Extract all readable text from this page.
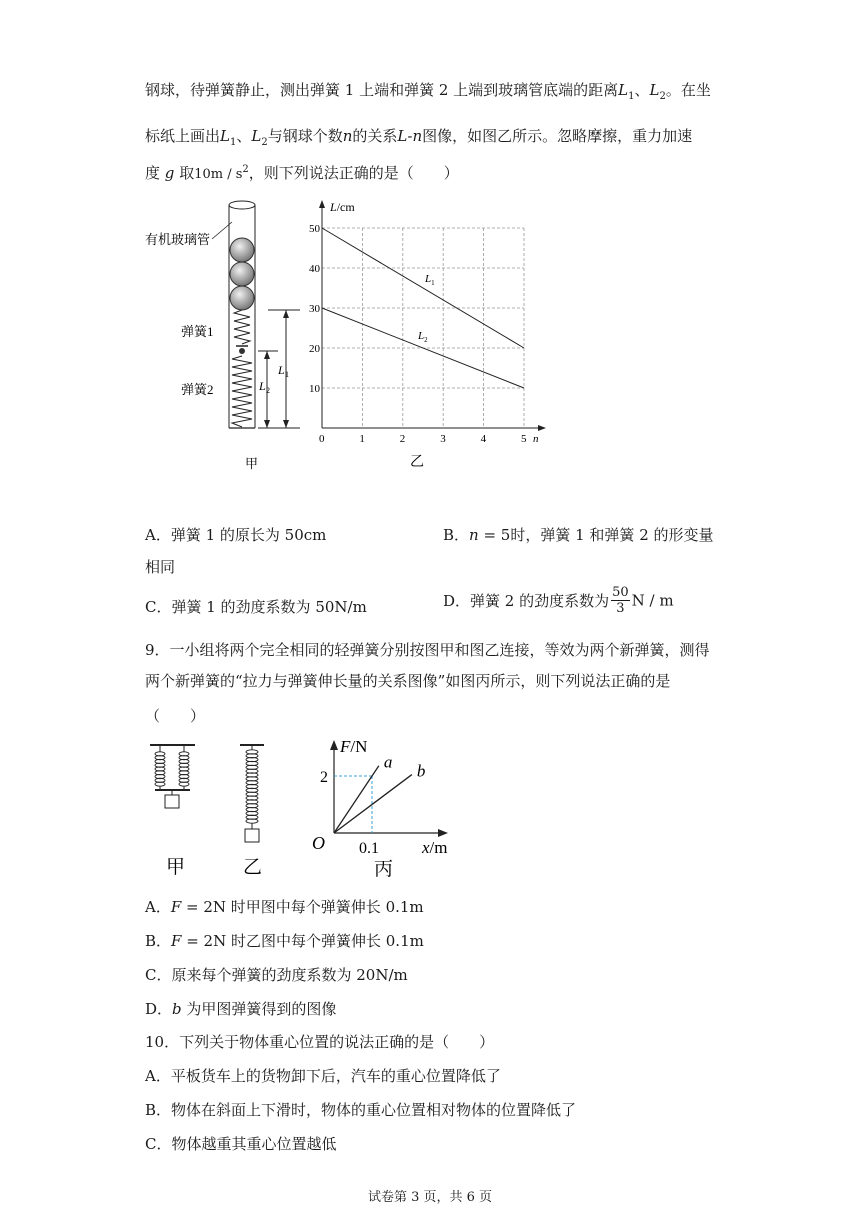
钢球，待弹簧静止，测出弹簧 1 上端和弹簧 2 上端到玻璃管底端的距离$L_1$、$L_2$。在坐
标纸上画出$L_1$、$L_2$与钢球个数n的关系L-n图像，如图乙所示。忽略摩擦，重力加速
度 g 取$10m / s^2$，则下列说法正确的是（　　）
有机玻璃管
弹簧1
弹簧2
L 1
L 2
甲
0	1	2	3	4	5
10
20
30
40
50
n
L/cm
$L_1$
$L_2$
乙
A．弹簧 1 的原长为 50cm	B．n = 5时，弹簧 1 和弹簧 2 的形变量
相同
C．弹簧 1 的劲度系数为 50N/m	D．弹簧 2 的劲度系数为 $\frac{50}{3}$ N / m
9．一小组将两个完全相同的轻弹簧分别按图甲和图乙连接，等效为两个新弹簧，测得
两个新弹簧的“拉力与弹簧伸长量的关系图像”如图丙所示，则下列说法正确的是
（　　）
甲	乙
a b
O 0.1
2
F/N
x/m
丙
A．F = 2N 时甲图中每个弹簧伸长 0.1m
B．F = 2N 时乙图中每个弹簧伸长 0.1m
C．原来每个弹簧的劲度系数为 20N/m
D．b 为甲图弹簧得到的图像
10．下列关于物体重心位置的说法正确的是（　　）
A．平板货车上的货物卸下后，汽车的重心位置降低了
B．物体在斜面上下滑时，物体的重心位置相对物体的位置降低了
C．物体越重其重心位置越低
试卷第 3 页，共 6 页
